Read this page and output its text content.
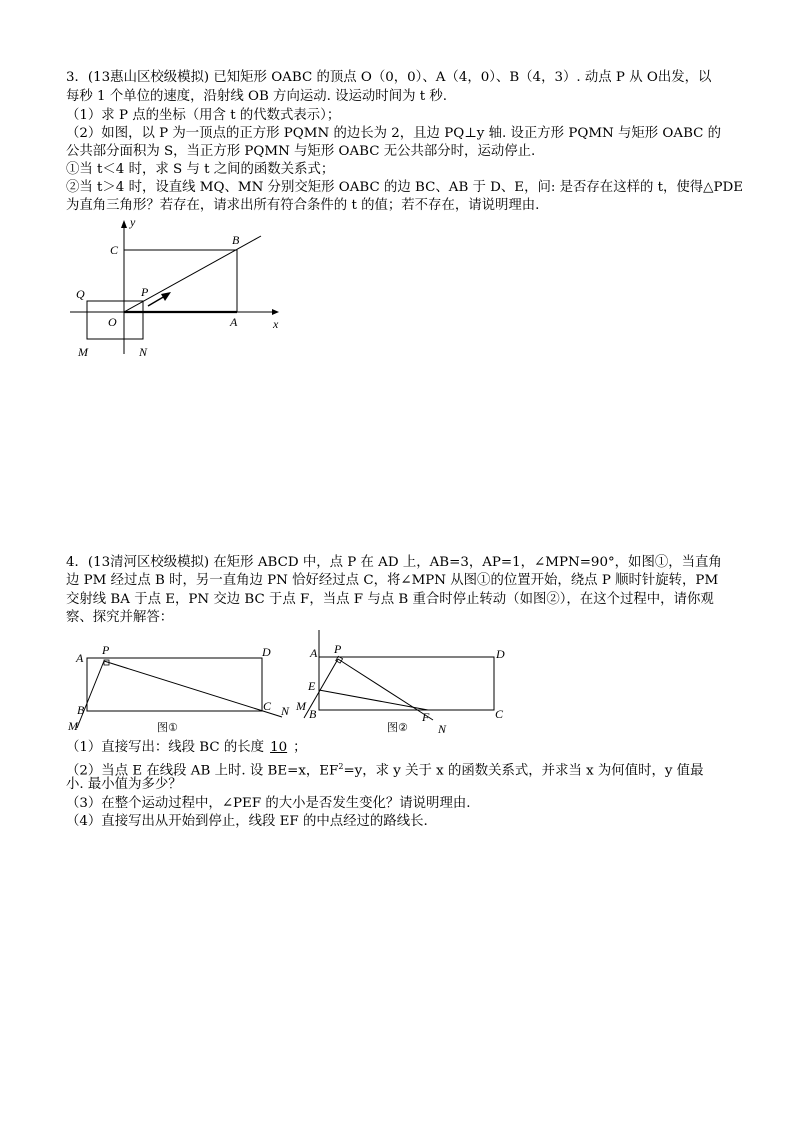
3．(13惠山区校级模拟) 已知矩形 OABC 的顶点 O（0，0）、A（4，0）、B（4，3）. 动点 P 从 O出发，以
每秒 1 个单位的速度，沿射线 OB 方向运动. 设运动时间为 t 秒.
（1）求 P 点的坐标（用含 t 的代数式表示）；
（2）如图，以 P 为一顶点的正方形 PQMN 的边长为 2，且边 PQ⊥y 轴. 设正方形 PQMN 与矩形 OABC 的
公共部分面积为 S，当正方形 PQMN 与矩形 OABC 无公共部分时，运动停止.
①当 t＜4 时，求 S 与 t 之间的函数关系式；
②当 t＞4 时，设直线 MQ、MN 分别交矩形 OABC 的边 BC、AB 于 D、E，问: 是否存在这样的 t，使得△PDE
为直角三角形？若存在，请求出所有符合条件的 t 的值；若不存在，请说明理由.
y
x
C
B
Q	P
O	A
M	N
4．(13清河区校级模拟) 在矩形 ABCD 中，点 P 在 AD 上，AB=3，AP=1，∠MPN=90°，如图①，当直角
边 PM 经过点 B 时，另一直角边 PN 恰好经过点 C，将∠MPN 从图①的位置开始，绕点 P 顺时针旋转，PM
交射线 BA 于点 E，PN 交边 BC 于点 F，当点 F 与点 B 重合时停止转动（如图②），在这个过程中，请你观
察、探究并解答：
A
P	D
B	C
M
N
图①
A P	D
E
M
B	F	C
N
图②
（1）直接写出：线段 BC 的长度 10 ；
（2）当点 E 在线段 AB 上时. 设 BE=x，$EF^2=y$，求 y 关于 x 的函数关系式，并求当 x 为何值时，y 值最
小. 最小值为多少？
（3）在整个运动过程中，∠PEF 的大小是否发生变化？请说明理由.
（4）直接写出从开始到停止，线段 EF 的中点经过的路线长.
